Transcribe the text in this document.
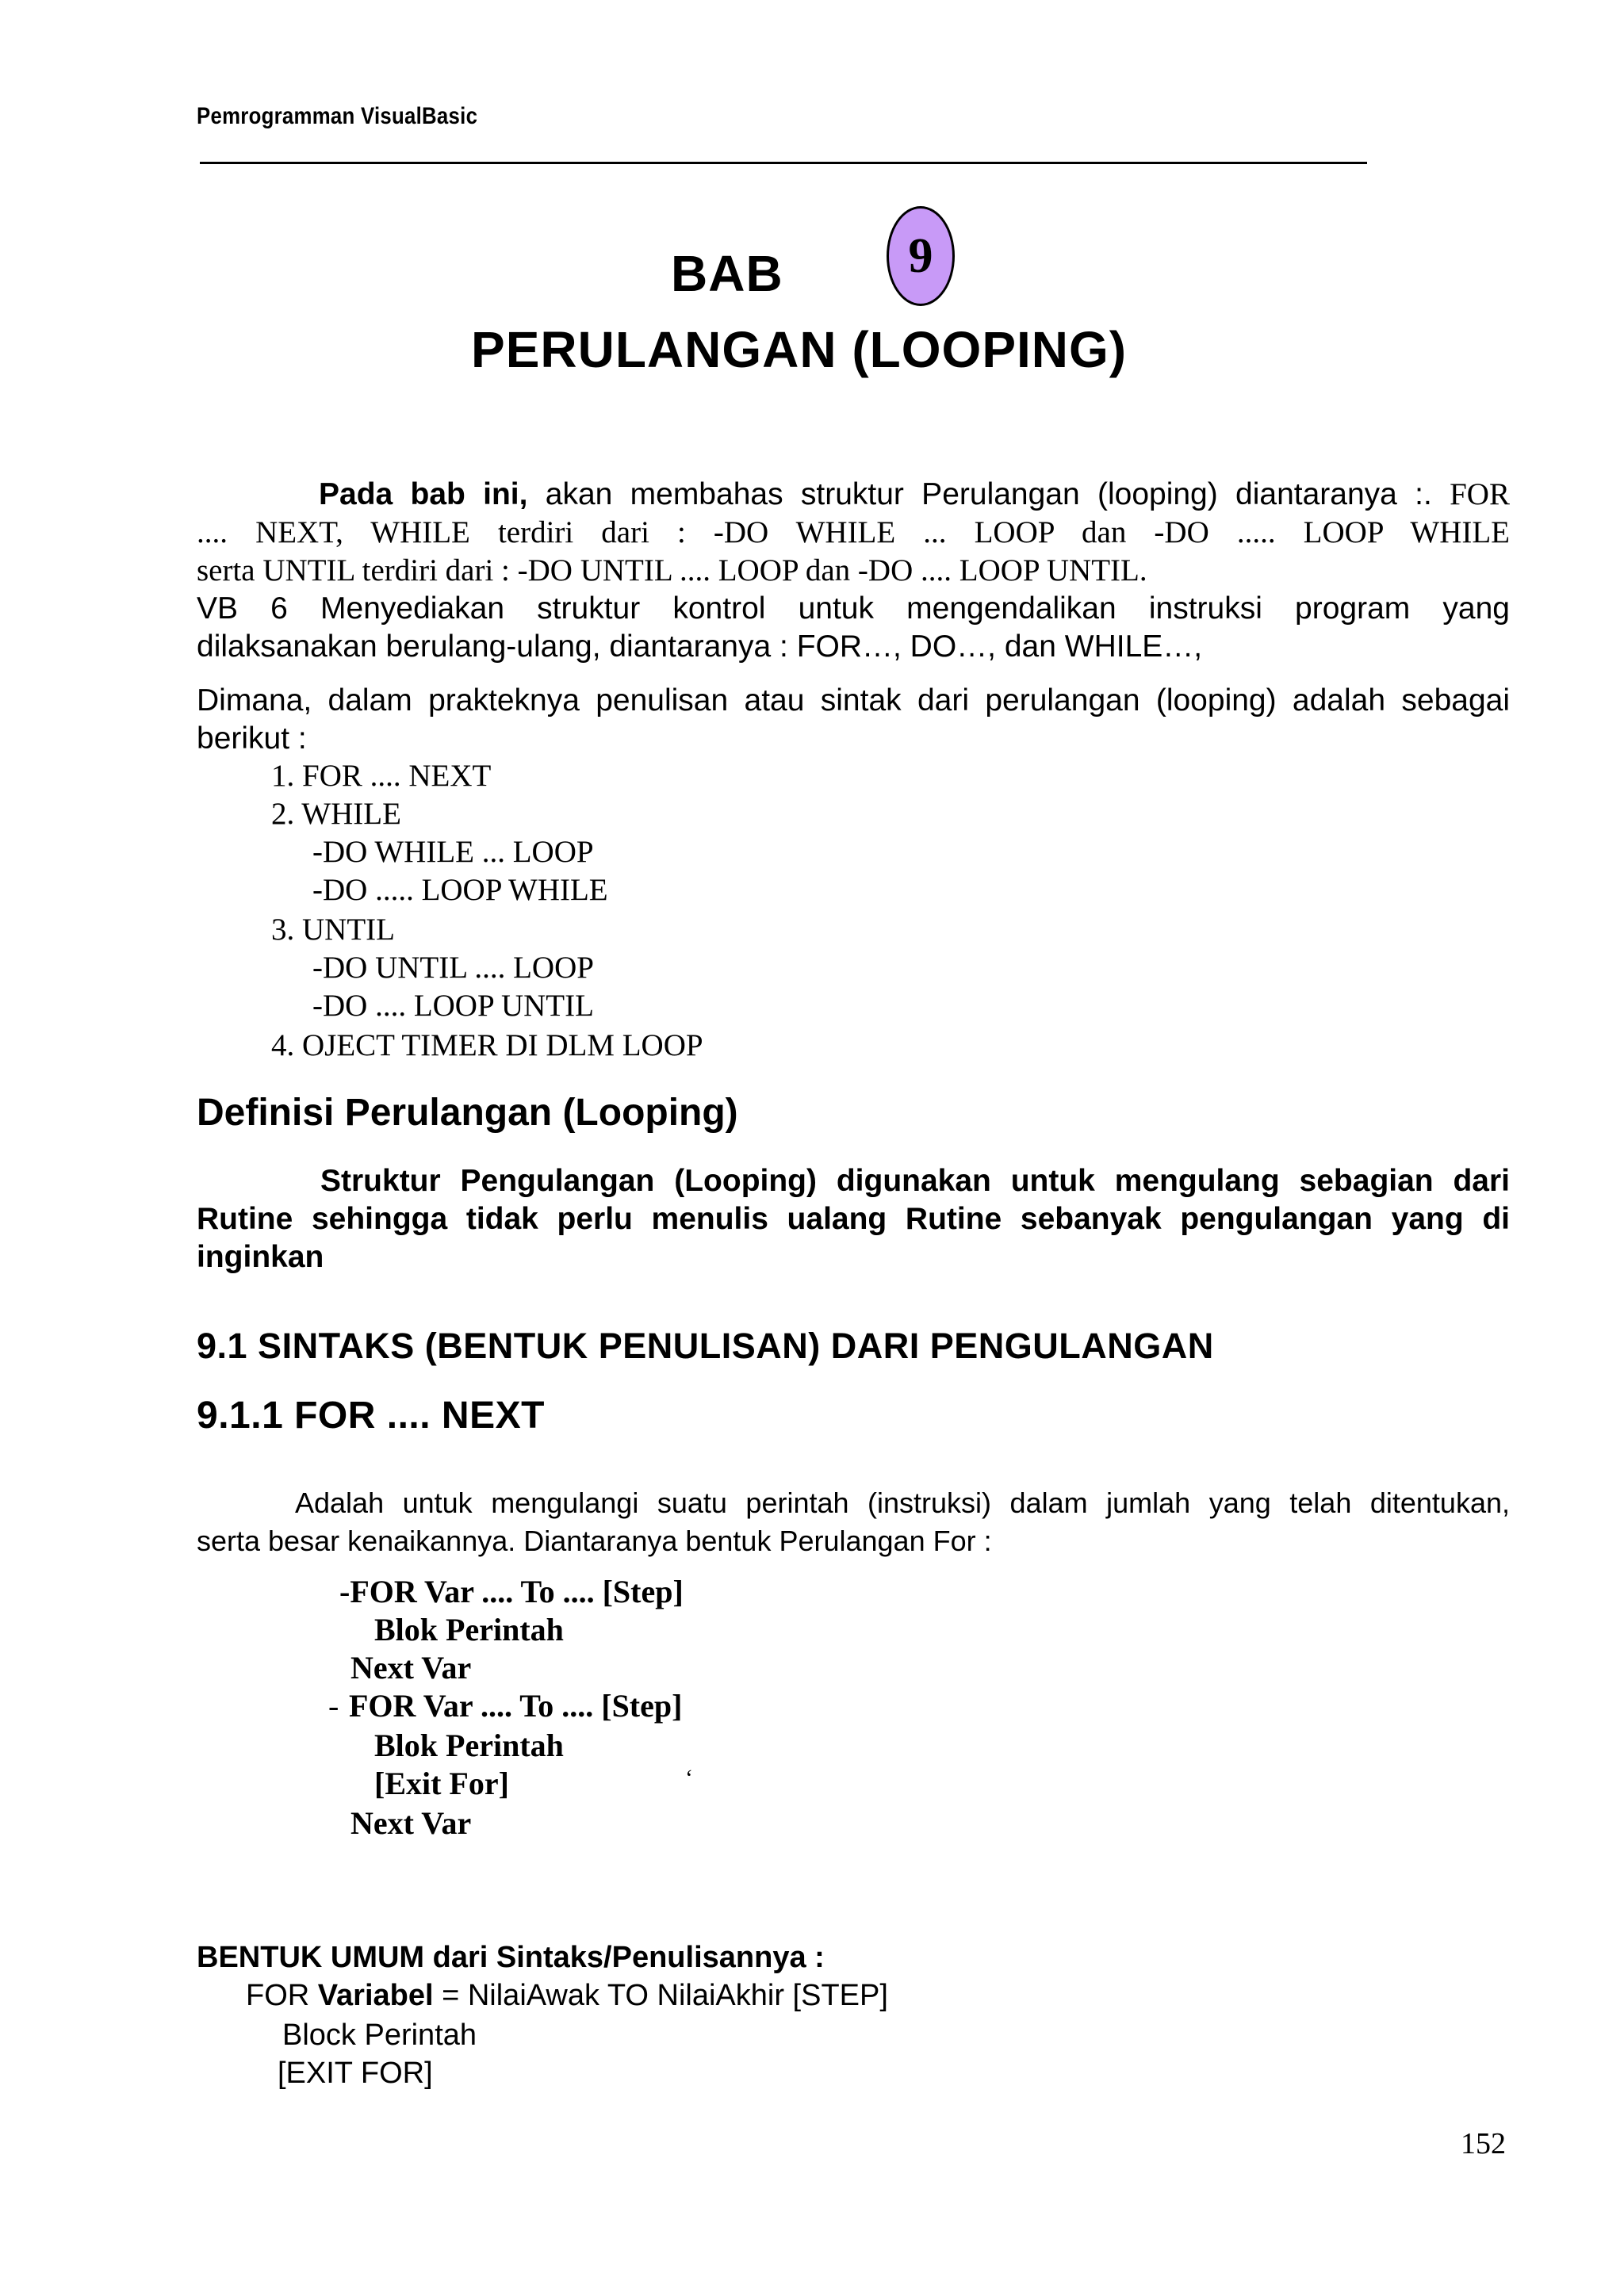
Pemrogramman VisualBasic
BAB	9
PERULANGAN (LOOPING)
Pada bab ini, akan membahas struktur Perulangan (looping) diantaranya :. FOR
.... NEXT, WHILE terdiri dari : -DO WHILE ... LOOP dan -DO ..... LOOP WHILE
serta UNTIL terdiri dari : -DO UNTIL .... LOOP dan -DO .... LOOP UNTIL.
VB 6 Menyediakan struktur kontrol untuk mengendalikan instruksi program yang
dilaksanakan berulang-ulang, diantaranya : FOR…, DO…, dan WHILE…,
Dimana, dalam prakteknya penulisan atau sintak dari perulangan (looping) adalah sebagai
berikut :
1. FOR .... NEXT
2. WHILE
-DO WHILE ... LOOP
-DO ..... LOOP WHILE
3. UNTIL
-DO UNTIL .... LOOP
-DO .... LOOP UNTIL
4. OJECT TIMER DI DLM LOOP
Definisi Perulangan (Looping)
Struktur Pengulangan (Looping) digunakan untuk mengulang sebagian dari
Rutine sehingga tidak perlu menulis ualang Rutine sebanyak pengulangan yang di
inginkan
9.1 SINTAKS (BENTUK PENULISAN) DARI PENGULANGAN
9.1.1 FOR .... NEXT
Adalah untuk mengulangi suatu perintah (instruksi) dalam jumlah yang telah ditentukan,
serta besar kenaikannya. Diantaranya bentuk Perulangan For :
-FOR Var .... To .... [Step]
Blok Perintah
Next Var
- FOR Var .... To .... [Step]
Blok Perintah
[Exit For]	‘
Next Var
BENTUK UMUM dari Sintaks/Penulisannya :
FOR Variabel = NilaiAwak TO NilaiAkhir [STEP]
Block Perintah
[EXIT FOR]
152
